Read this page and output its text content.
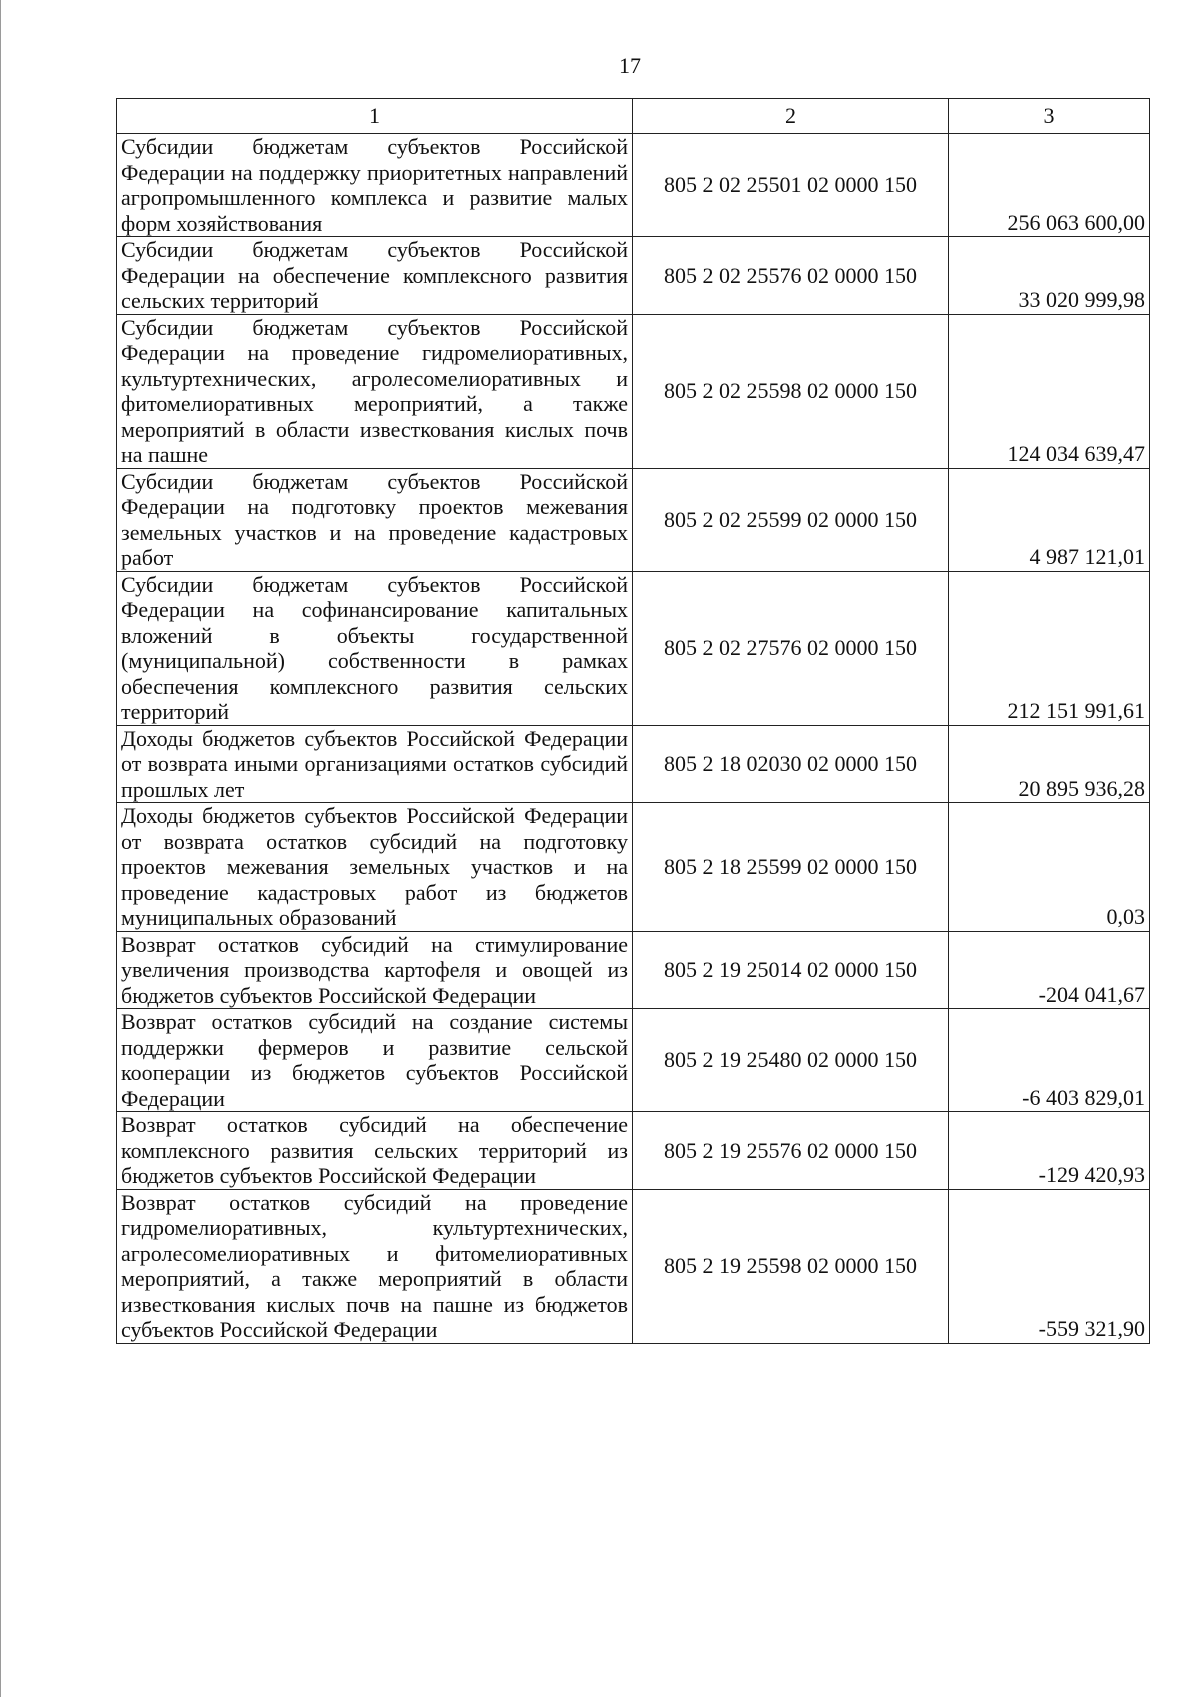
17
1	2	3
Субсидии бюджетам субъектов Российской Федерации на поддержку приоритетных направлений агропромышленного комплекса и развитие малых форм хозяйствования	805 2 02 25501 02 0000 150	256 063 600,00
Субсидии бюджетам субъектов Российской Федерации на обеспечение комплексного развития сельских территорий	805 2 02 25576 02 0000 150	33 020 999,98
Субсидии бюджетам субъектов Российской Федерации на проведение гидромелиоративных, культуртехнических, агролесомелиоративных и фитомелиоративных мероприятий, а также мероприятий в области известкования кислых почв на пашне	805 2 02 25598 02 0000 150	124 034 639,47
Субсидии бюджетам субъектов Российской Федерации на подготовку проектов межевания земельных участков и на проведение кадастровых работ	805 2 02 25599 02 0000 150	4 987 121,01
Субсидии бюджетам субъектов Российской Федерации на софинансирование капитальных вложений в объекты государственной (муниципальной) собственности в рамках обеспечения комплексного развития сельских территорий	805 2 02 27576 02 0000 150	212 151 991,61
Доходы бюджетов субъектов Российской Федерации от возврата иными организациями остатков субсидий прошлых лет	805 2 18 02030 02 0000 150	20 895 936,28
Доходы бюджетов субъектов Российской Федерации от возврата остатков субсидий на подготовку проектов межевания земельных участков и на проведение кадастровых работ из бюджетов муниципальных образований	805 2 18 25599 02 0000 150	0,03
Возврат остатков субсидий на стимулирование увеличения производства картофеля и овощей из бюджетов субъектов Российской Федерации	805 2 19 25014 02 0000 150	-204 041,67
Возврат остатков субсидий на создание системы поддержки фермеров и развитие сельской кооперации из бюджетов субъектов Российской Федерации	805 2 19 25480 02 0000 150	-6 403 829,01
Возврат остатков субсидий на обеспечение комплексного развития сельских территорий из бюджетов субъектов Российской Федерации	805 2 19 25576 02 0000 150	-129 420,93
Возврат остатков субсидий на проведение гидромелиоративных, культуртехнических, агролесомелиоративных и фитомелиоративных мероприятий, а также мероприятий в области известкования кислых почв на пашне из бюджетов субъектов Российской Федерации	805 2 19 25598 02 0000 150	-559 321,90
